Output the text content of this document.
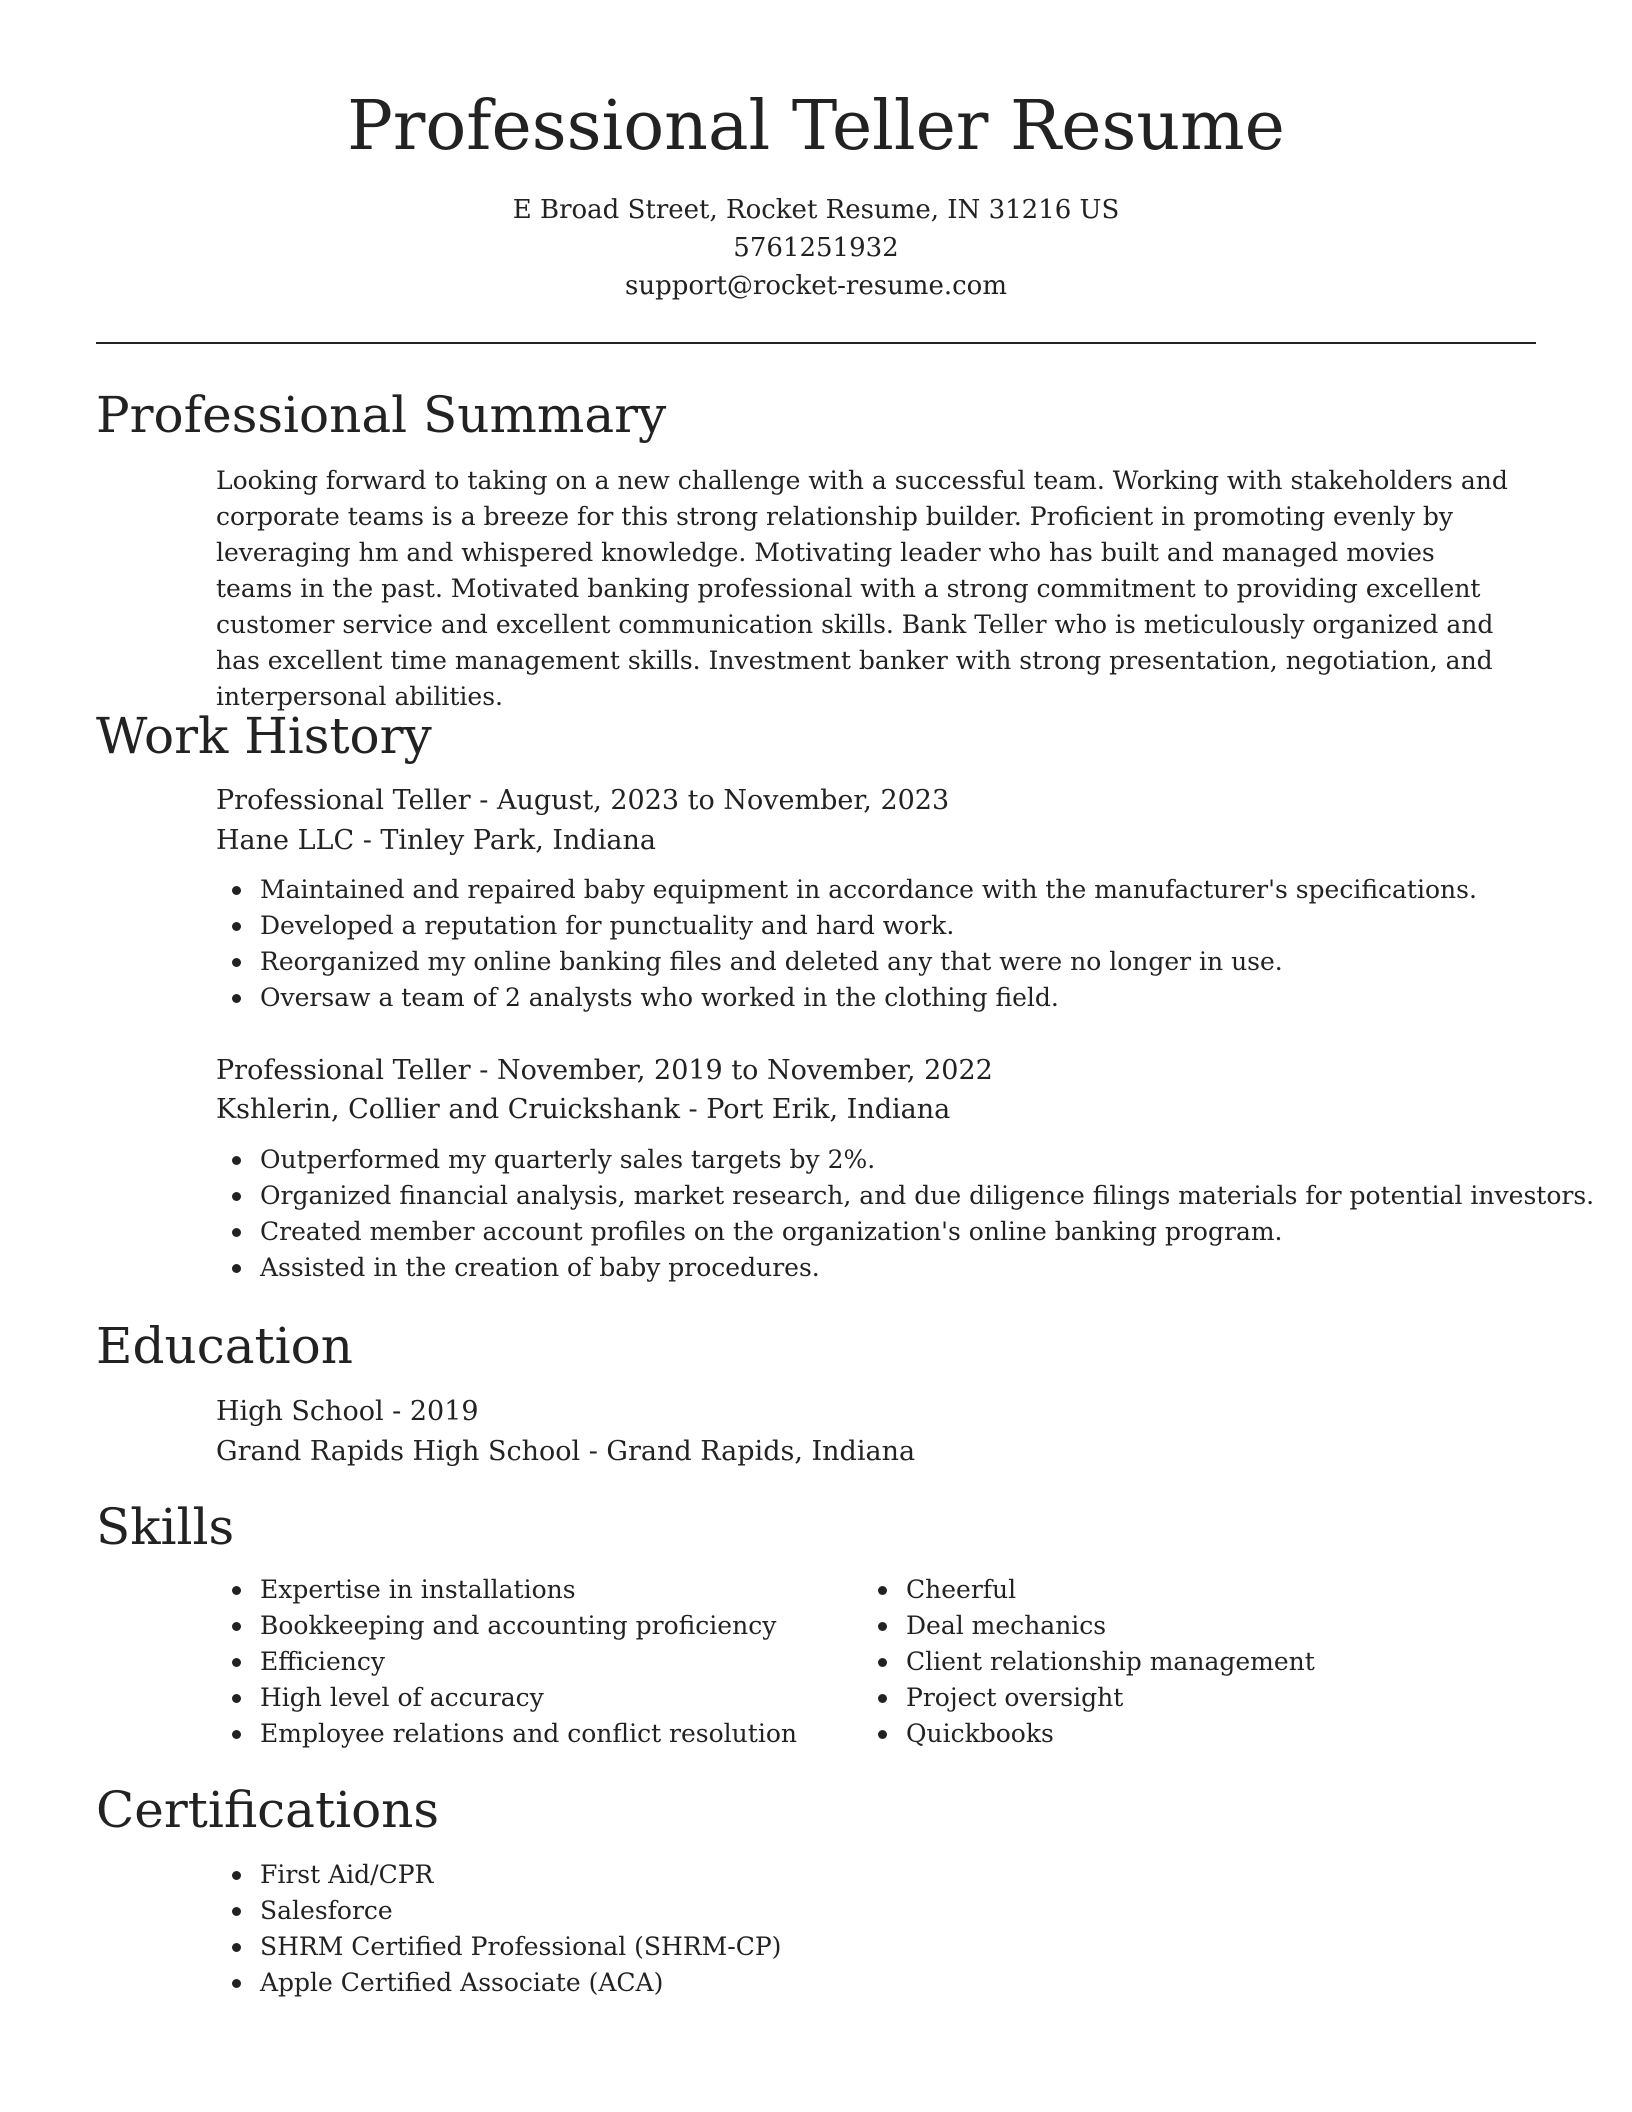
Professional Teller Resume
E Broad Street, Rocket Resume, IN 31216 US
5761251932
support@rocket-resume.com
Professional Summary

Looking forward to taking on a new challenge with a successful team. Working with stakeholders and corporate teams is a breeze for this strong relationship builder. Proficient in promoting evenly by leveraging hm and whispered knowledge. Motivating leader who has built and managed movies teams in the past. Motivated banking professional with a strong commitment to providing excellent customer service and excellent communication skills. Bank Teller who is meticulously organized and has excellent time management skills. Investment banker with strong presentation, negotiation, and interpersonal abilities.

Work History
Professional Teller - August, 2023 to November, 2023
Hane LLC - Tinley Park, Indiana
Maintained and repaired baby equipment in accordance with the manufacturer's specifications.
Developed a reputation for punctuality and hard work.
Reorganized my online banking files and deleted any that were no longer in use.
Oversaw a team of 2 analysts who worked in the clothing field.
Professional Teller - November, 2019 to November, 2022
Kshlerin, Collier and Cruickshank - Port Erik, Indiana
Outperformed my quarterly sales targets by 2%.
Organized financial analysis, market research, and due diligence filings materials for potential investors.
Created member account profiles on the organization's online banking program.
Assisted in the creation of baby procedures.
Education
High School - 2019
Grand Rapids High School - Grand Rapids, Indiana
Skills
Expertise in installations
Bookkeeping and accounting proficiency
Efficiency
High level of accuracy
Employee relations and conflict resolution
Cheerful
Deal mechanics
Client relationship management
Project oversight
Quickbooks
Certifications
First Aid/CPR
Salesforce
SHRM Certified Professional (SHRM-CP)
Apple Certified Associate (ACA)
